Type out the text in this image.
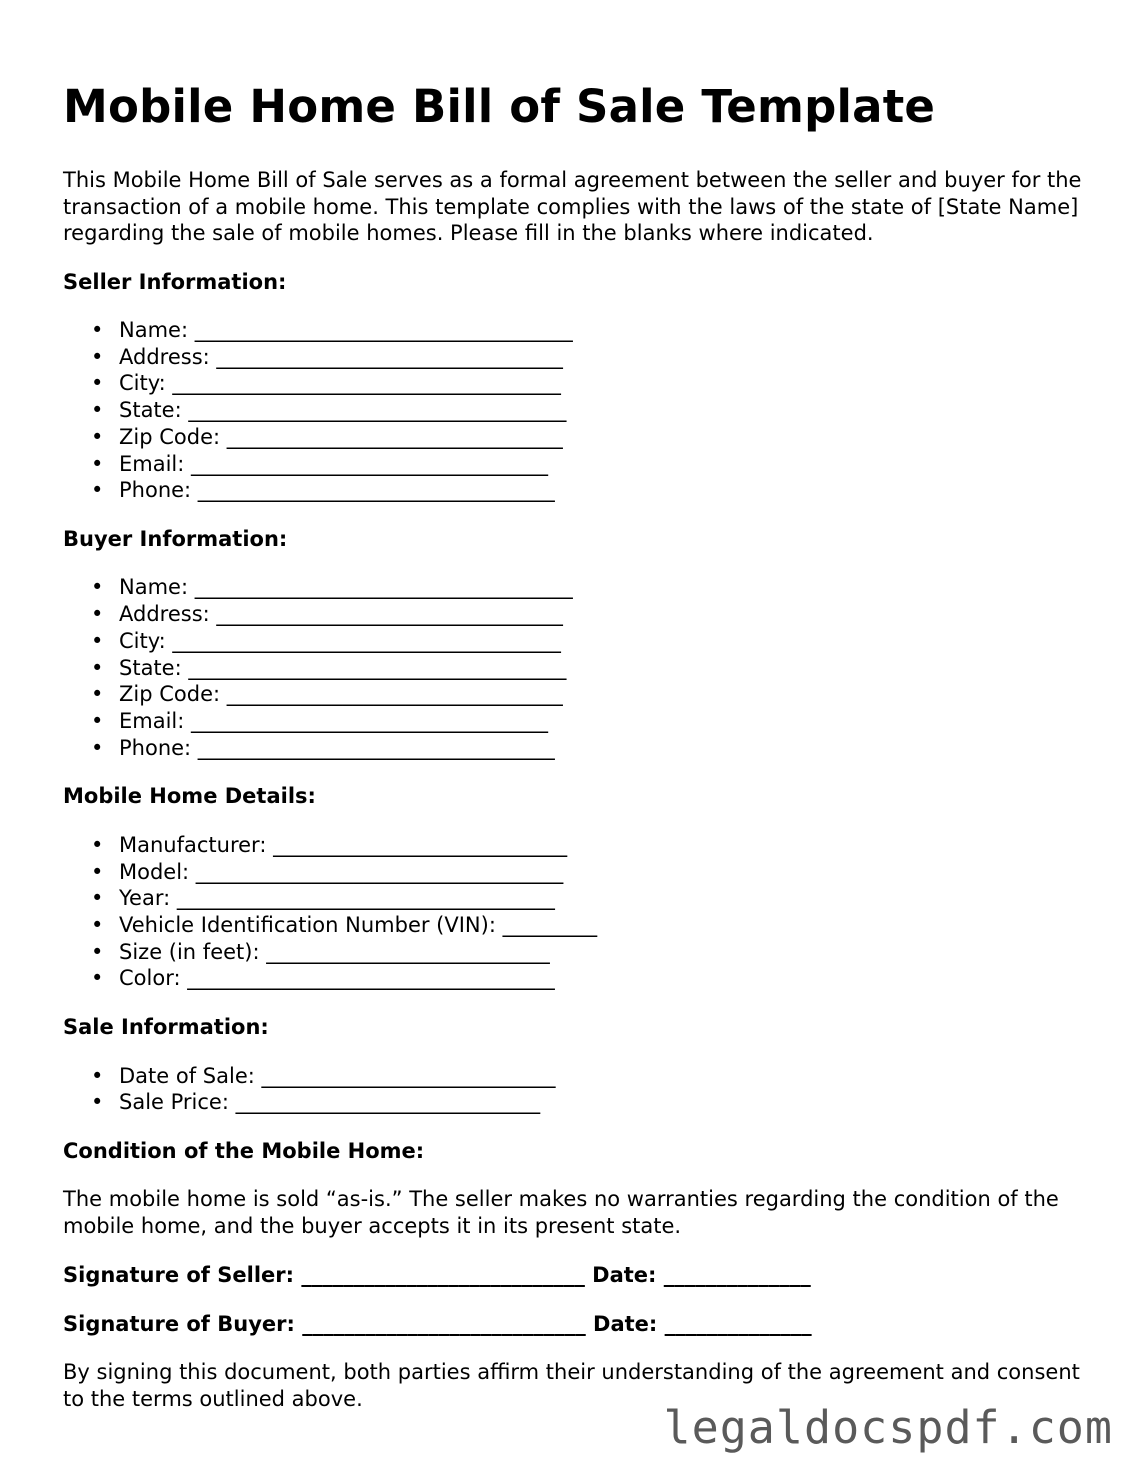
Mobile Home Bill of Sale Template

This Mobile Home Bill of Sale serves as a formal agreement between the seller and buyer for the transaction of a mobile home. This template complies with the laws of the state of [State Name] regarding the sale of mobile homes. Please fill in the blanks where indicated.

Seller Information:
• Name: ____________________________________
• Address: _________________________________
• City: _____________________________________
• State: ____________________________________
• Zip Code: ________________________________
• Email: __________________________________
• Phone: __________________________________
Buyer Information:
• Name: ____________________________________
• Address: _________________________________
• City: _____________________________________
• State: ____________________________________
• Zip Code: ________________________________
• Email: __________________________________
• Phone: __________________________________
Mobile Home Details:
• Manufacturer: ____________________________
• Model: ___________________________________
• Year: ____________________________________
• Vehicle Identification Number (VIN): _________
• Size (in feet): ___________________________
• Color: ___________________________________
Sale Information:
• Date of Sale: ____________________________
• Sale Price: _____________________________
Condition of the Mobile Home:

The mobile home is sold “as-is.” The seller makes no warranties regarding the condition of the mobile home, and the buyer accepts it in its present state.

Signature of Seller: ___________________________ Date: ______________
Signature of Buyer: ___________________________ Date: ______________

By signing this document, both parties affirm their understanding of the agreement and consent to the terms outlined above.

legaldocspdf.com
